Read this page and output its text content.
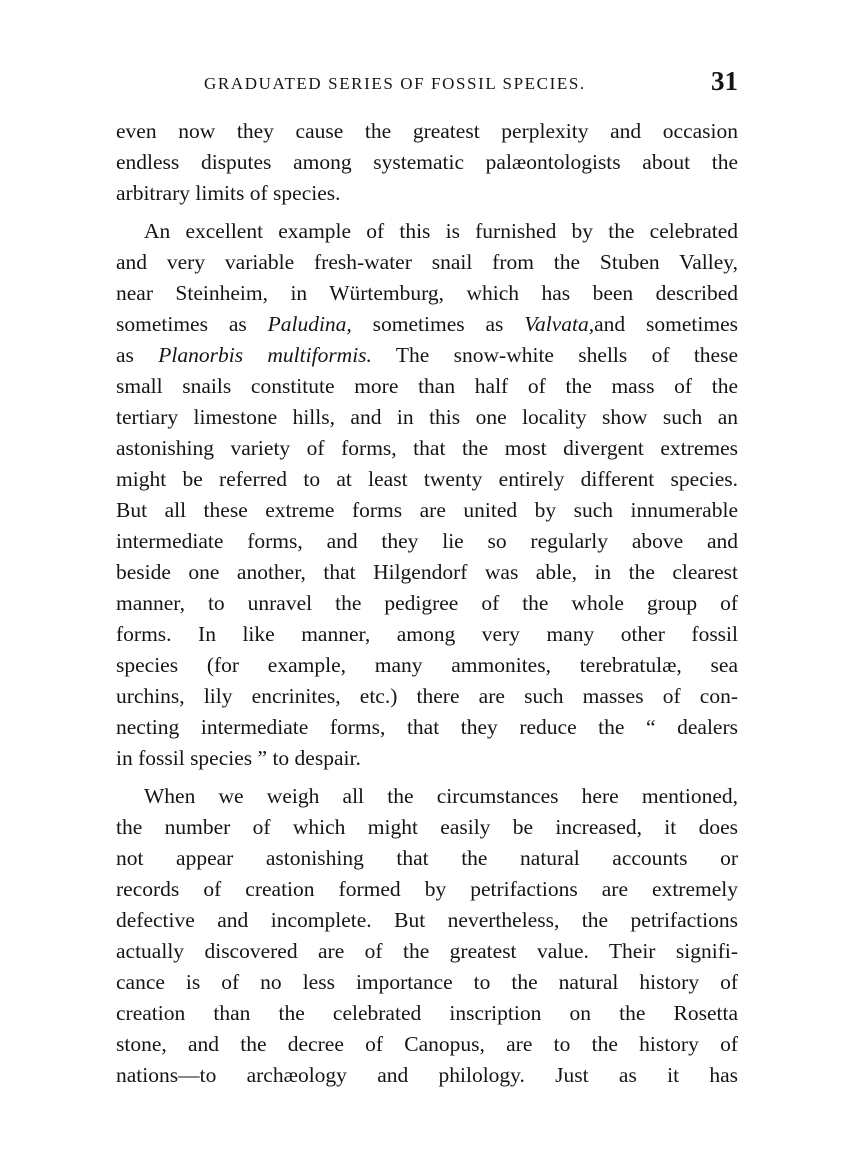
GRADUATED SERIES OF FOSSIL SPECIES.	31
even now they cause the greatest perplexity and occasion
endless disputes among systematic palæontologists about the
arbitrary limits of species.
An excellent example of this is furnished by the celebrated
and very variable fresh-water snail from the Stuben Valley,
near Steinheim, in Würtemburg, which has been described
sometimes as Paludina, sometimes as Valvata,and sometimes
as Planorbis multiformis. The snow-white shells of these
small snails constitute more than half of the mass of the
tertiary limestone hills, and in this one locality show such an
astonishing variety of forms, that the most divergent extremes
might be referred to at least twenty entirely different species.
But all these extreme forms are united by such innumerable
intermediate forms, and they lie so regularly above and
beside one another, that Hilgendorf was able, in the clearest
manner, to unravel the pedigree of the whole group of
forms. In like manner, among very many other fossil
species (for example, many ammonites, terebratulæ, sea
urchins, lily encrinites, etc.) there are such masses of con-
necting intermediate forms, that they reduce the “ dealers
in fossil species ” to despair.
When we weigh all the circumstances here mentioned,
the number of which might easily be increased, it does
not appear astonishing that the natural accounts or
records of creation formed by petrifactions are extremely
defective and incomplete. But nevertheless, the petrifactions
actually discovered are of the greatest value. Their signifi-
cance is of no less importance to the natural history of
creation than the celebrated inscription on the Rosetta
stone, and the decree of Canopus, are to the history of
nations—to archæology and philology. Just as it has
